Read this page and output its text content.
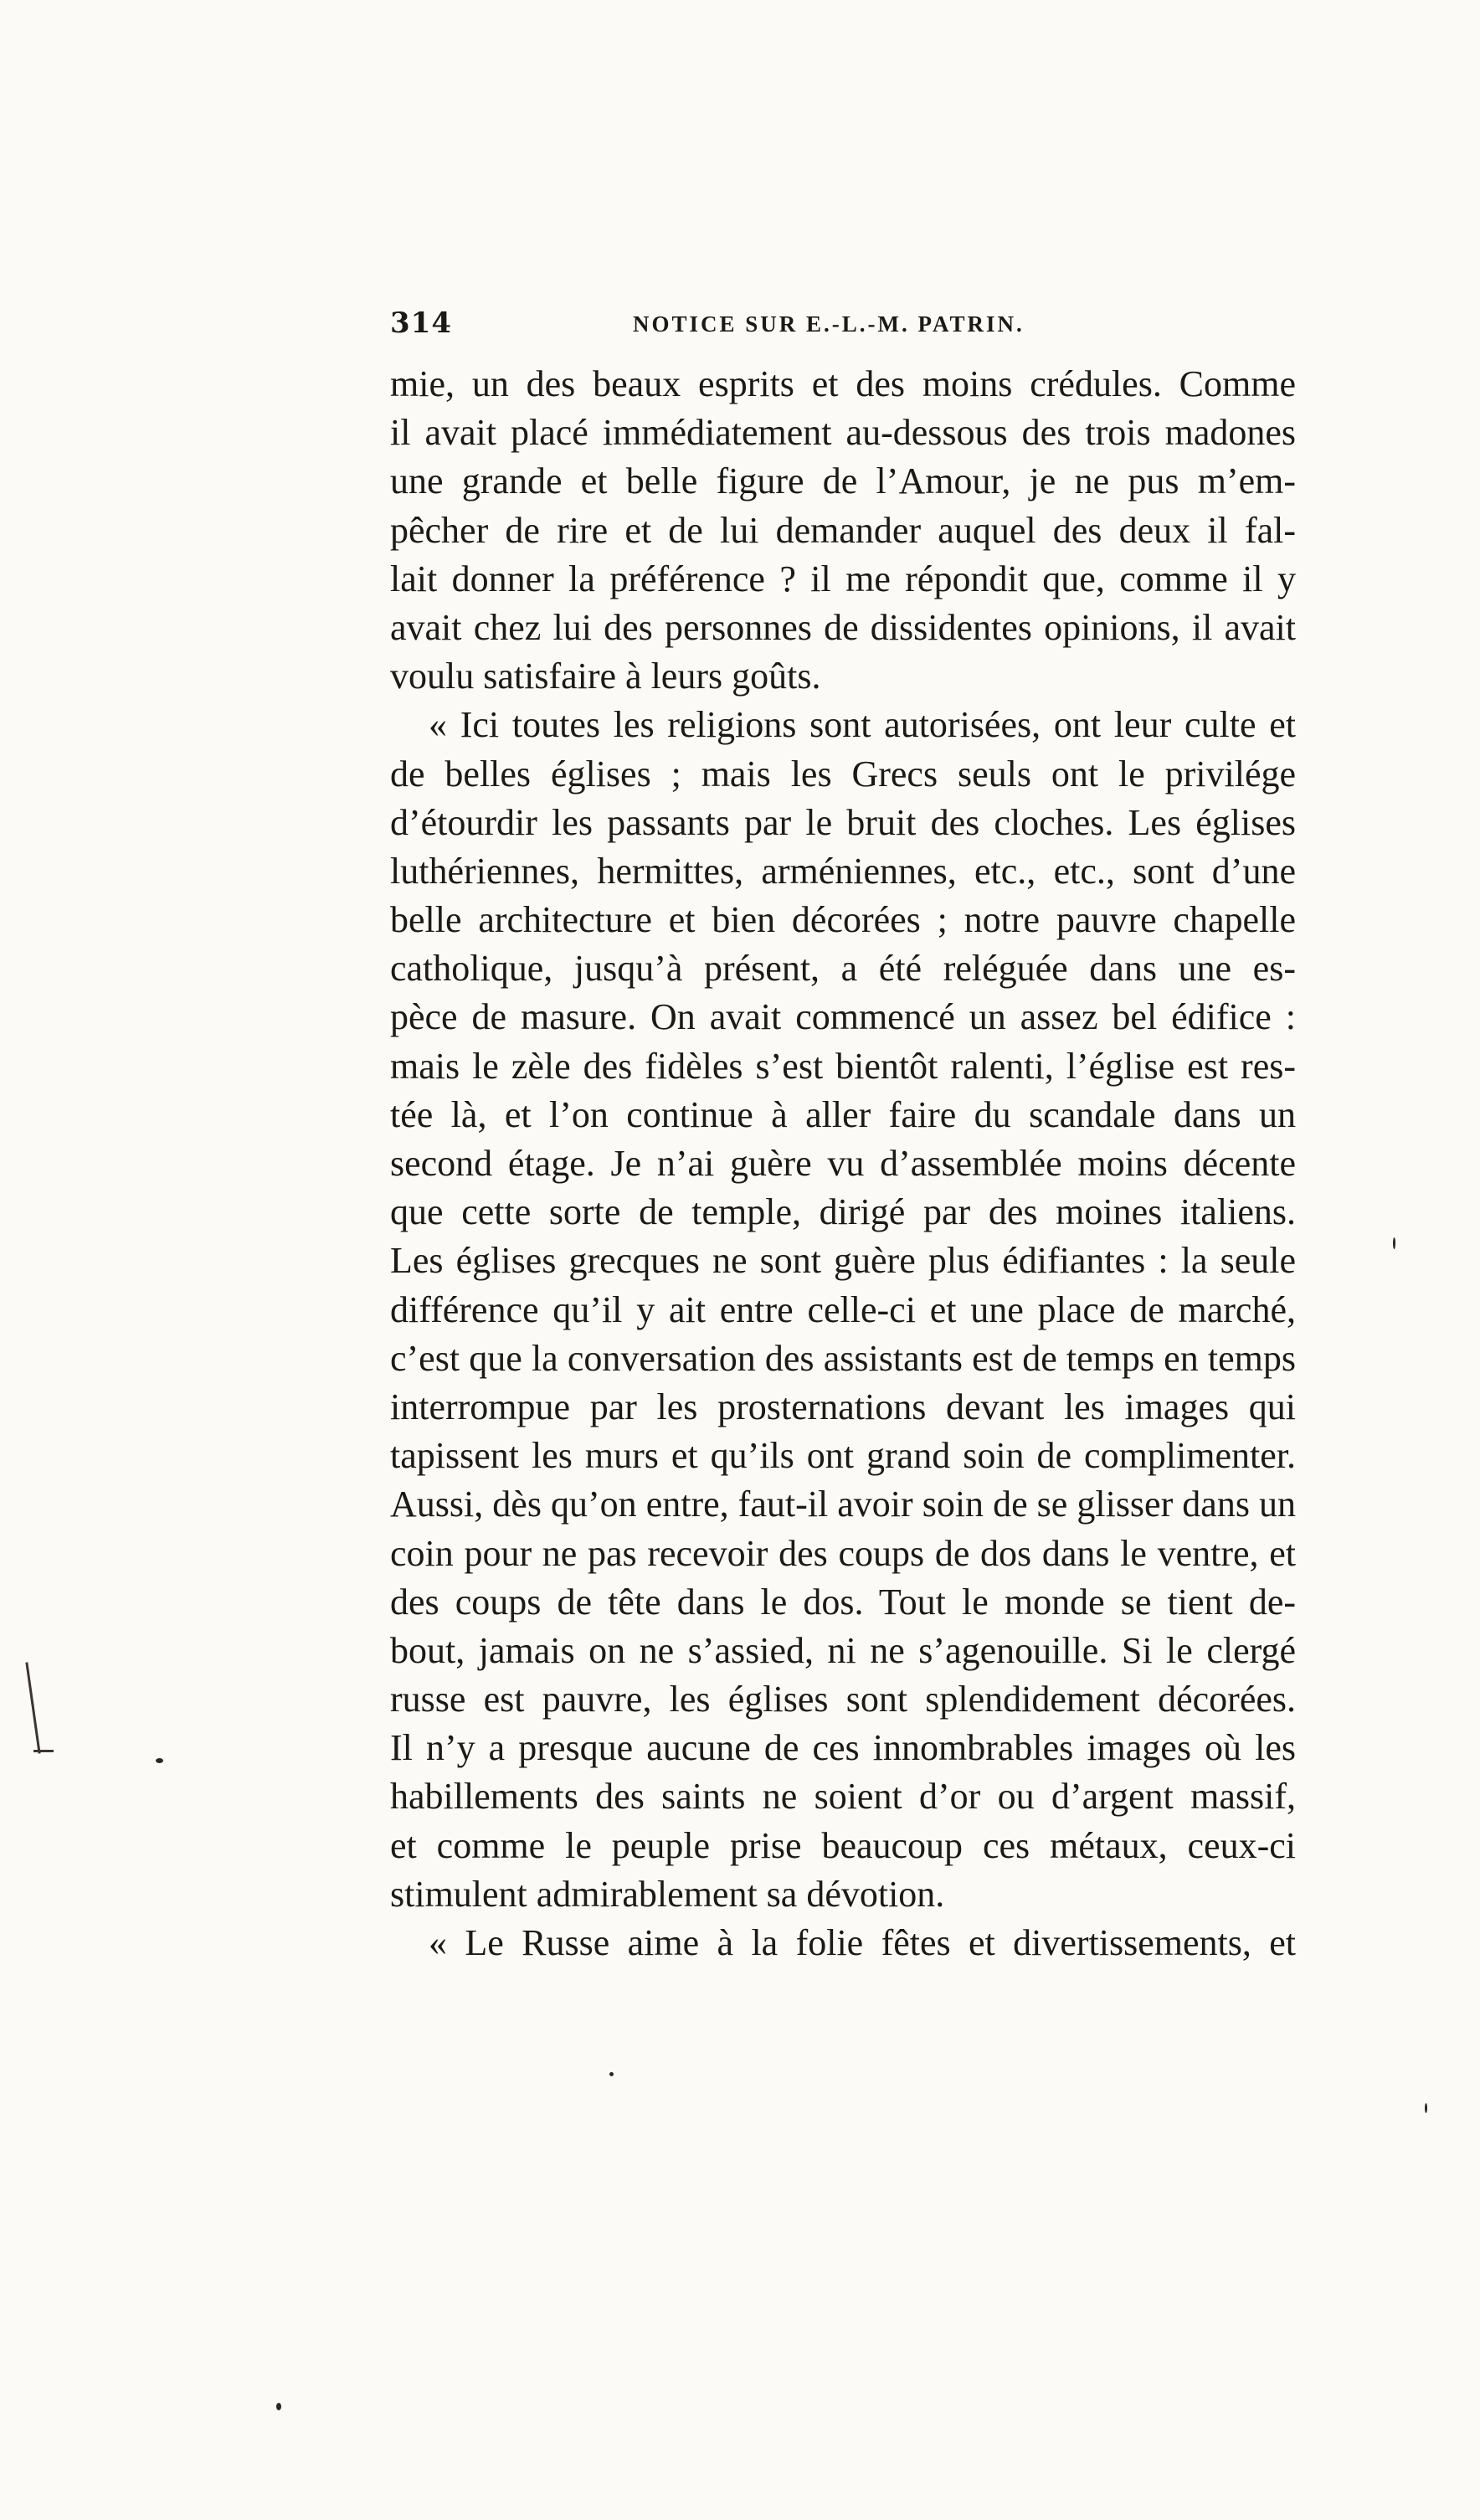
314	NOTICE SUR E.-L.-M. PATRIN.
mie, un des beaux esprits et des moins crédules. Comme
il avait placé immédiatement au-dessous des trois madones
une grande et belle figure de l’Amour, je ne pus m’em-
pêcher de rire et de lui demander auquel des deux il fal-
lait donner la préférence ? il me répondit que, comme il y
avait chez lui des personnes de dissidentes opinions, il avait
voulu satisfaire à leurs goûts.
« Ici toutes les religions sont autorisées, ont leur culte et
de belles églises ; mais les Grecs seuls ont le privilége
d’étourdir les passants par le bruit des cloches. Les églises
luthériennes, hermittes, arméniennes, etc., etc., sont d’une
belle architecture et bien décorées ; notre pauvre chapelle
catholique, jusqu’à présent, a été reléguée dans une es-
pèce de masure. On avait commencé un assez bel édifice :
mais le zèle des fidèles s’est bientôt ralenti, l’église est res-
tée là, et l’on continue à aller faire du scandale dans un
second étage. Je n’ai guère vu d’assemblée moins décente
que cette sorte de temple, dirigé par des moines italiens.
Les églises grecques ne sont guère plus édifiantes : la seule
différence qu’il y ait entre celle-ci et une place de marché,
c’est que la conversation des assistants est de temps en temps
interrompue par les prosternations devant les images qui
tapissent les murs et qu’ils ont grand soin de complimenter.
Aussi, dès qu’on entre, faut-il avoir soin de se glisser dans un
coin pour ne pas recevoir des coups de dos dans le ventre, et
des coups de tête dans le dos. Tout le monde se tient de-
bout, jamais on ne s’assied, ni ne s’agenouille. Si le clergé
russe est pauvre, les églises sont splendidement décorées.
Il n’y a presque aucune de ces innombrables images où les
habillements des saints ne soient d’or ou d’argent massif,
et comme le peuple prise beaucoup ces métaux, ceux-ci
stimulent admirablement sa dévotion.
« Le Russe aime à la folie fêtes et divertissements, et
